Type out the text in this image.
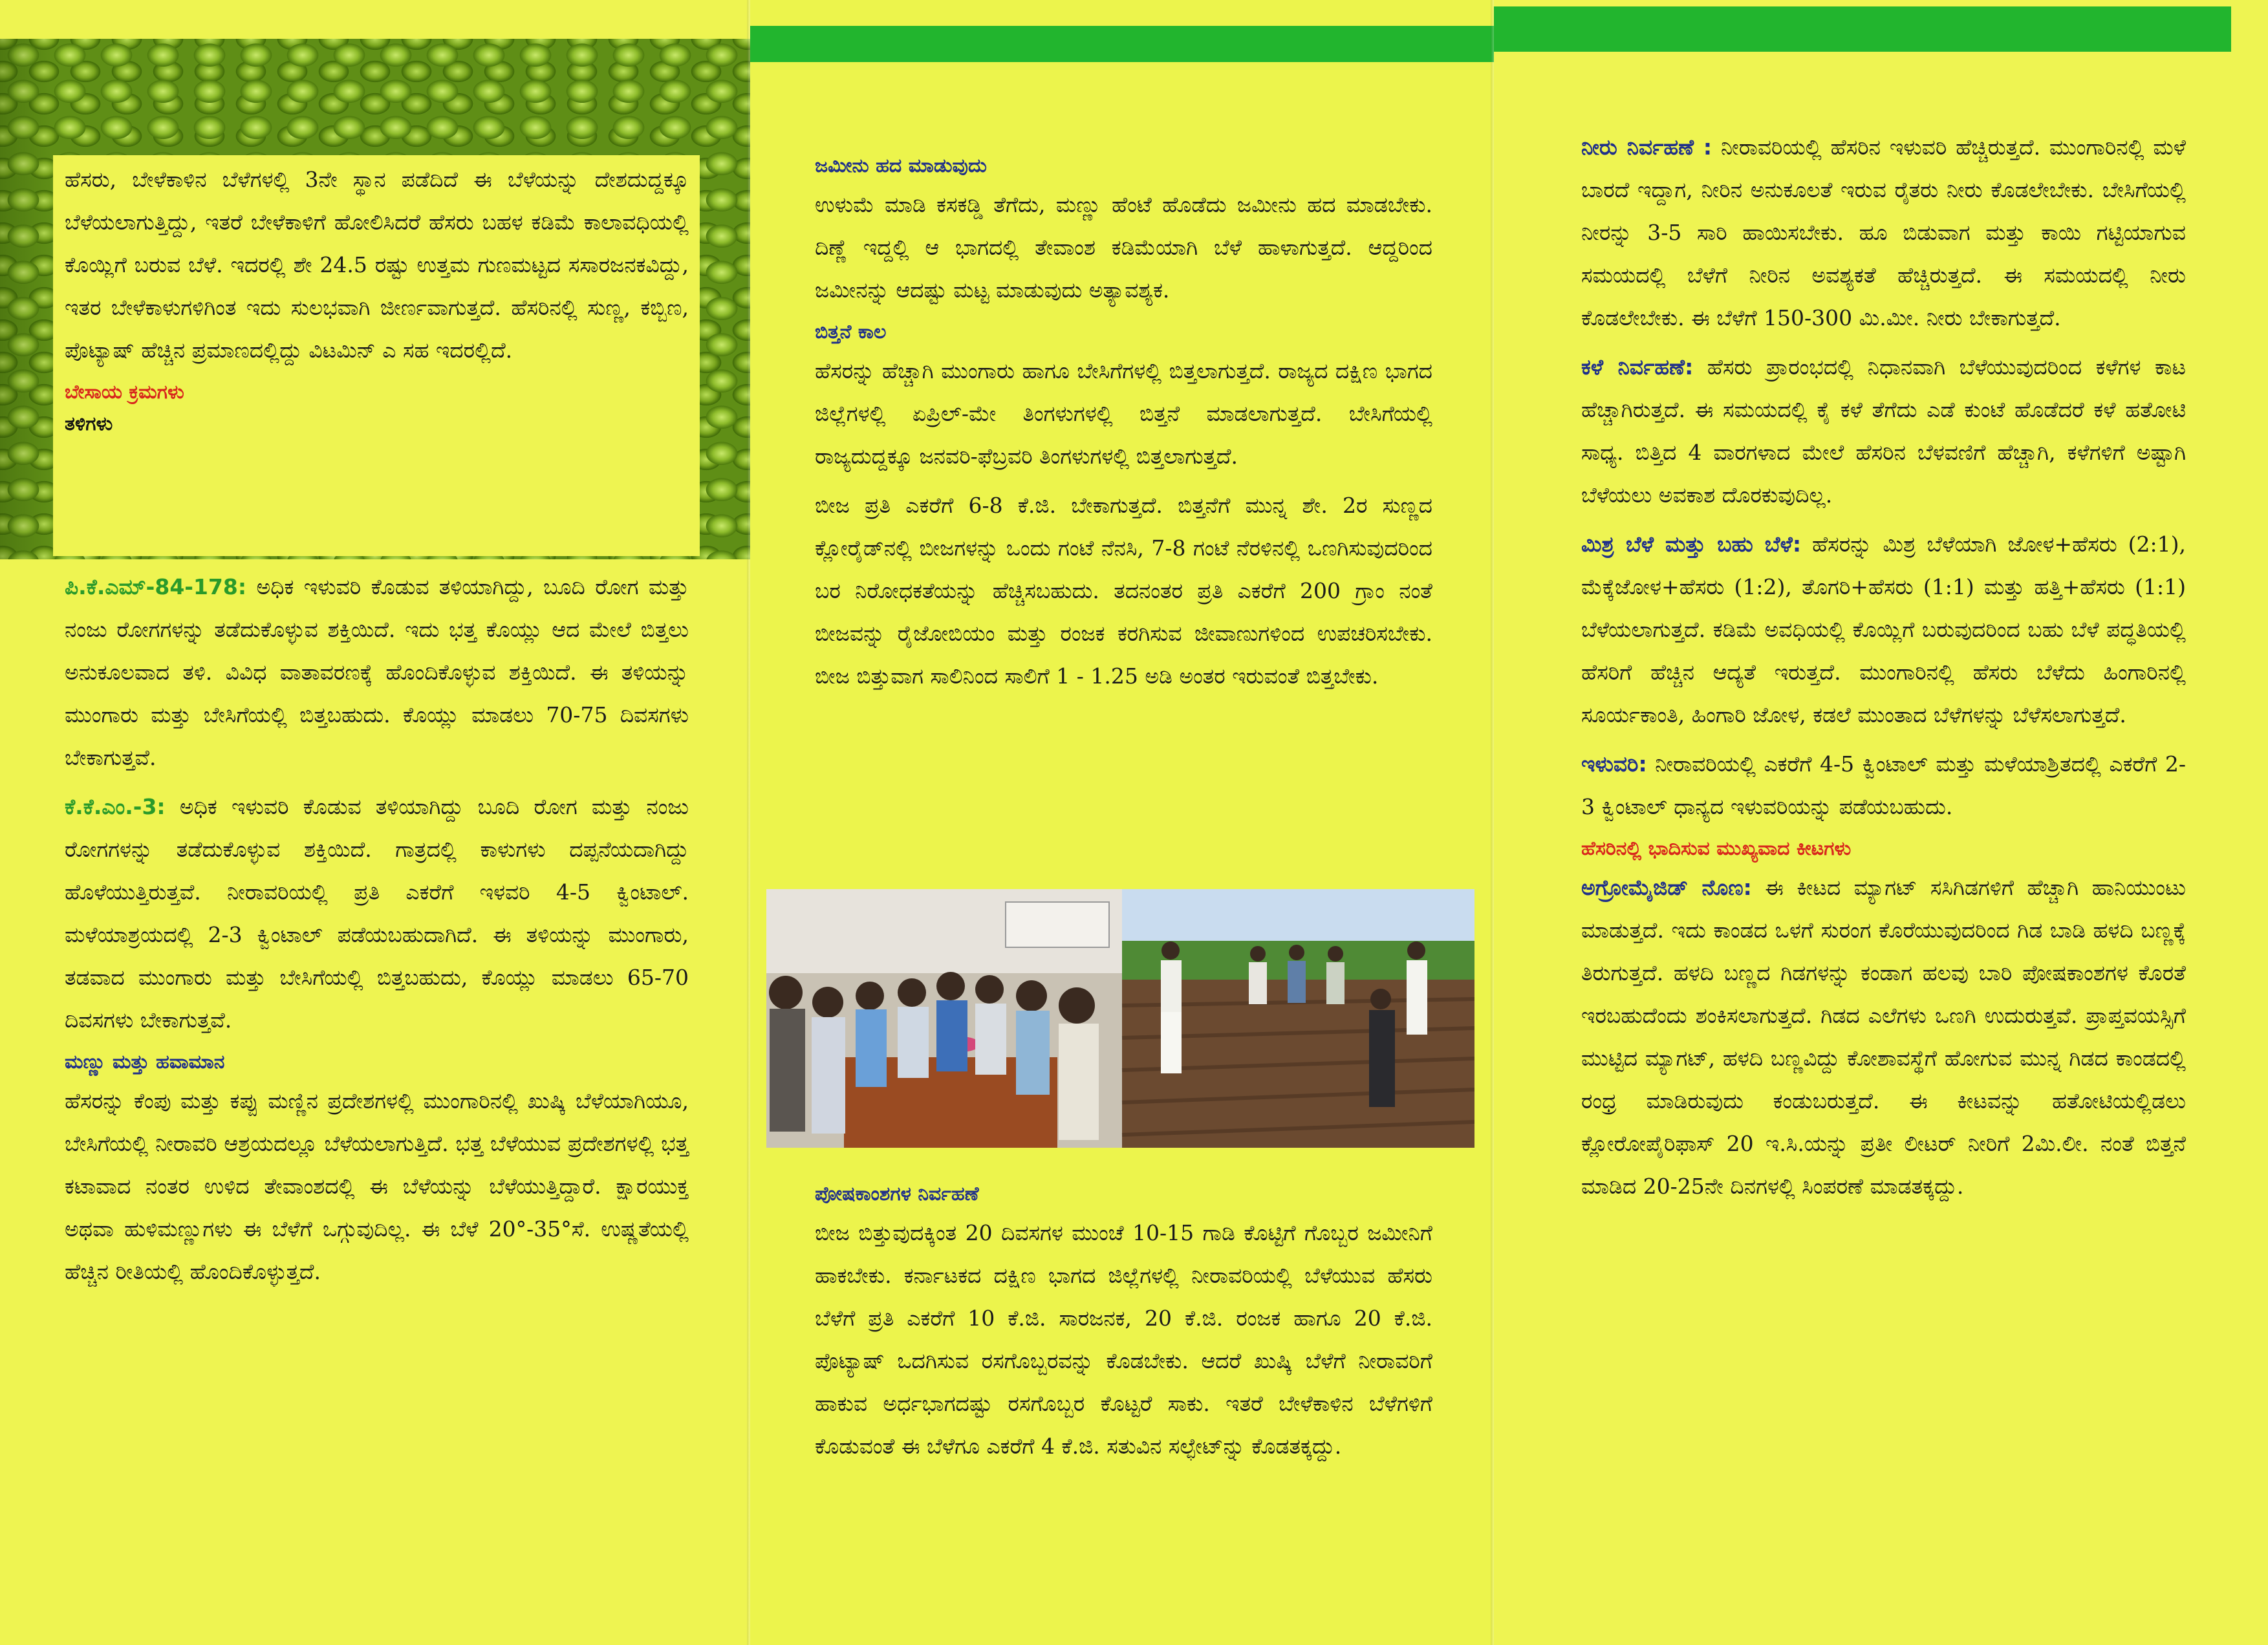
ಹೆಸರು, ಬೇಳೆಕಾಳಿನ ಬೆಳೆಗಳಲ್ಲಿ 3ನೇ ಸ್ಥಾನ ಪಡೆದಿದೆ ಈ ಬೆಳೆಯನ್ನು ದೇಶದುದ್ದಕ್ಕೂ ಬೆಳೆಯಲಾಗುತ್ತಿದ್ದು, ಇತರೆ ಬೇಳೆಕಾಳಿಗೆ ಹೋಲಿಸಿದರೆ ಹೆಸರು ಬಹಳ ಕಡಿಮೆ ಕಾಲಾವಧಿಯಲ್ಲಿ ಕೊಯ್ಲಿಗೆ ಬರುವ ಬೆಳೆ. ಇದರಲ್ಲಿ ಶೇ 24.5 ರಷ್ಟು ಉತ್ತಮ ಗುಣಮಟ್ಟದ ಸಸಾರಜನಕವಿದ್ದು, ಇತರ ಬೇಳೆಕಾಳುಗಳಿಗಿಂತ ಇದು ಸುಲಭವಾಗಿ ಜೀರ್ಣವಾಗುತ್ತದೆ. ಹೆಸರಿನಲ್ಲಿ ಸುಣ್ಣ, ಕಬ್ಬಿಣ, ಪೊಟ್ಯಾಷ್ ಹೆಚ್ಚಿನ ಪ್ರಮಾಣದಲ್ಲಿದ್ದು ವಿಟಮಿನ್ ಎ ಸಹ ಇದರಲ್ಲಿದೆ.

ಬೇಸಾಯ ಕ್ರಮಗಳು
ತಳಿಗಳು

ಪಿ.ಕೆ.ಎಮ್-84-178: ಅಧಿಕ ಇಳುವರಿ ಕೊಡುವ ತಳಿಯಾಗಿದ್ದು, ಬೂದಿ ರೋಗ ಮತ್ತು ನಂಜು ರೋಗಗಳನ್ನು ತಡೆದುಕೊಳ್ಳುವ ಶಕ್ತಿಯಿದೆ. ಇದು ಭತ್ತ ಕೊಯ್ಲು ಆದ ಮೇಲೆ ಬಿತ್ತಲು ಅನುಕೂಲವಾದ ತಳಿ. ವಿವಿಧ ವಾತಾವರಣಕ್ಕೆ ಹೊಂದಿಕೊಳ್ಳುವ ಶಕ್ತಿಯಿದೆ. ಈ ತಳಿಯನ್ನು ಮುಂಗಾರು ಮತ್ತು ಬೇಸಿಗೆಯಲ್ಲಿ ಬಿತ್ತಬಹುದು. ಕೊಯ್ಲು ಮಾಡಲು 70-75 ದಿವಸಗಳು ಬೇಕಾಗುತ್ತವೆ.

ಕೆ.ಕೆ.ಎಂ.-3: ಅಧಿಕ ಇಳುವರಿ ಕೊಡುವ ತಳಿಯಾಗಿದ್ದು ಬೂದಿ ರೋಗ ಮತ್ತು ನಂಜು ರೋಗಗಳನ್ನು ತಡೆದುಕೊಳ್ಳುವ ಶಕ್ತಿಯಿದೆ. ಗಾತ್ರದಲ್ಲಿ ಕಾಳುಗಳು ದಪ್ಪನೆಯದಾಗಿದ್ದು ಹೊಳೆಯುತ್ತಿರುತ್ತವೆ. ನೀರಾವರಿಯಲ್ಲಿ ಪ್ರತಿ ಎಕರೆಗೆ ಇಳವರಿ 4-5 ಕ್ವಿಂಟಾಲ್. ಮಳೆಯಾಶ್ರಯದಲ್ಲಿ 2-3 ಕ್ವಿಂಟಾಲ್ ಪಡೆಯಬಹುದಾಗಿದೆ. ಈ ತಳಿಯನ್ನು ಮುಂಗಾರು, ತಡವಾದ ಮುಂಗಾರು ಮತ್ತು ಬೇಸಿಗೆಯಲ್ಲಿ ಬಿತ್ತಬಹುದು, ಕೊಯ್ಲು ಮಾಡಲು 65-70 ದಿವಸಗಳು ಬೇಕಾಗುತ್ತವೆ.

ಮಣ್ಣು ಮತ್ತು ಹವಾಮಾನ

ಹೆಸರನ್ನು ಕೆಂಪು ಮತ್ತು ಕಪ್ಪು ಮಣ್ಣಿನ ಪ್ರದೇಶಗಳಲ್ಲಿ ಮುಂಗಾರಿನಲ್ಲಿ ಖುಷ್ಕಿ ಬೆಳೆಯಾಗಿಯೂ, ಬೇಸಿಗೆಯಲ್ಲಿ ನೀರಾವರಿ ಆಶ್ರಯದಲ್ಲೂ ಬೆಳೆಯಲಾಗುತ್ತಿದೆ. ಭತ್ತ ಬೆಳೆಯುವ ಪ್ರದೇಶಗಳಲ್ಲಿ ಭತ್ತ ಕಟಾವಾದ ನಂತರ ಉಳಿದ ತೇವಾಂಶದಲ್ಲಿ ಈ ಬೆಳೆಯನ್ನು ಬೆಳೆಯುತ್ತಿದ್ದಾರೆ. ಕ್ಷಾರಯುಕ್ತ ಅಥವಾ ಹುಳಿಮಣ್ಣುಗಳು ಈ ಬೆಳೆಗೆ ಒಗ್ಗುವುದಿಲ್ಲ. ಈ ಬೆಳೆ 20°-35°ಸೆ. ಉಷ್ಣತೆಯಲ್ಲಿ ಹೆಚ್ಚಿನ ರೀತಿಯಲ್ಲಿ ಹೊಂದಿಕೊಳ್ಳುತ್ತದೆ.

ಜಮೀನು ಹದ ಮಾಡುವುದು

ಉಳುಮೆ ಮಾಡಿ ಕಸಕಡ್ಡಿ ತೆಗೆದು, ಮಣ್ಣು ಹೆಂಟೆ ಹೊಡೆದು ಜಮೀನು ಹದ ಮಾಡಬೇಕು. ದಿಣ್ಣೆ ಇದ್ದಲ್ಲಿ ಆ ಭಾಗದಲ್ಲಿ ತೇವಾಂಶ ಕಡಿಮೆಯಾಗಿ ಬೆಳೆ ಹಾಳಾಗುತ್ತದೆ. ಆದ್ದರಿಂದ ಜಮೀನನ್ನು ಆದಷ್ಟು ಮಟ್ಟ ಮಾಡುವುದು ಅತ್ಯಾವಶ್ಯಕ.

ಬಿತ್ತನೆ ಕಾಲ

ಹೆಸರನ್ನು ಹೆಚ್ಚಾಗಿ ಮುಂಗಾರು ಹಾಗೂ ಬೇಸಿಗೆಗಳಲ್ಲಿ ಬಿತ್ತಲಾಗುತ್ತದೆ. ರಾಜ್ಯದ ದಕ್ಷಿಣ ಭಾಗದ ಜಿಲ್ಲೆಗಳಲ್ಲಿ ಏಪ್ರಿಲ್-ಮೇ ತಿಂಗಳುಗಳಲ್ಲಿ ಬಿತ್ತನೆ ಮಾಡಲಾಗುತ್ತದೆ. ಬೇಸಿಗೆಯಲ್ಲಿ ರಾಜ್ಯದುದ್ದಕ್ಕೂ ಜನವರಿ-ಫೆಬ್ರವರಿ ತಿಂಗಳುಗಳಲ್ಲಿ ಬಿತ್ತಲಾಗುತ್ತದೆ.

ಬೀಜ ಪ್ರತಿ ಎಕರೆಗೆ 6-8 ಕೆ.ಜಿ. ಬೇಕಾಗುತ್ತದೆ. ಬಿತ್ತನೆಗೆ ಮುನ್ನ ಶೇ. 2ರ ಸುಣ್ಣದ ಕ್ಲೋರೈಡ್‌ನಲ್ಲಿ ಬೀಜಗಳನ್ನು ಒಂದು ಗಂಟೆ ನೆನಸಿ, 7-8 ಗಂಟೆ ನೆರಳಿನಲ್ಲಿ ಒಣಗಿಸುವುದರಿಂದ ಬರ ನಿರೋಧಕತೆಯನ್ನು ಹೆಚ್ಚಿಸಬಹುದು. ತದನಂತರ ಪ್ರತಿ ಎಕರೆಗೆ 200 ಗ್ರಾಂ ನಂತೆ ಬೀಜವನ್ನು ರೈಜೋಬಿಯಂ ಮತ್ತು ರಂಜಕ ಕರಗಿಸುವ ಜೀವಾಣುಗಳಿಂದ ಉಪಚರಿಸಬೇಕು. ಬೀಜ ಬಿತ್ತುವಾಗ ಸಾಲಿನಿಂದ ಸಾಲಿಗೆ 1 - 1.25 ಅಡಿ ಅಂತರ ಇರುವಂತೆ ಬಿತ್ತಬೇಕು.

ಪೋಷಕಾಂಶಗಳ ನಿರ್ವಹಣೆ

ಬೀಜ ಬಿತ್ತುವುದಕ್ಕಿಂತ 20 ದಿವಸಗಳ ಮುಂಚೆ 10-15 ಗಾಡಿ ಕೊಟ್ಟಿಗೆ ಗೊಬ್ಬರ ಜಮೀನಿಗೆ ಹಾಕಬೇಕು. ಕರ್ನಾಟಕದ ದಕ್ಷಿಣ ಭಾಗದ ಜಿಲ್ಲೆಗಳಲ್ಲಿ ನೀರಾವರಿಯಲ್ಲಿ ಬೆಳೆಯುವ ಹೆಸರು ಬೆಳೆಗೆ ಪ್ರತಿ ಎಕರೆಗೆ 10 ಕೆ.ಜಿ. ಸಾರಜನಕ, 20 ಕೆ.ಜಿ. ರಂಜಕ ಹಾಗೂ 20 ಕೆ.ಜಿ. ಪೊಟ್ಯಾಷ್ ಒದಗಿಸುವ ರಸಗೊಬ್ಬರವನ್ನು ಕೊಡಬೇಕು. ಆದರೆ ಖುಷ್ಕಿ ಬೆಳೆಗೆ ನೀರಾವರಿಗೆ ಹಾಕುವ ಅರ್ಧಭಾಗದಷ್ಟು ರಸಗೊಬ್ಬರ ಕೊಟ್ಟರೆ ಸಾಕು. ಇತರೆ ಬೇಳೆಕಾಳಿನ ಬೆಳೆಗಳಿಗೆ ಕೊಡುವಂತೆ ಈ ಬೆಳೆಗೂ ಎಕರೆಗೆ 4 ಕೆ.ಜಿ. ಸತುವಿನ ಸಲ್ಫೇಟ್‌ನ್ನು ಕೊಡತಕ್ಕದ್ದು.

ನೀರು ನಿರ್ವಹಣೆ : ನೀರಾವರಿಯಲ್ಲಿ ಹೆಸರಿನ ಇಳುವರಿ ಹೆಚ್ಚಿರುತ್ತದೆ. ಮುಂಗಾರಿನಲ್ಲಿ ಮಳೆ ಬಾರದೆ ಇದ್ದಾಗ, ನೀರಿನ ಅನುಕೂಲತೆ ಇರುವ ರೈತರು ನೀರು ಕೊಡಲೇಬೇಕು. ಬೇಸಿಗೆಯಲ್ಲಿ ನೀರನ್ನು 3-5 ಸಾರಿ ಹಾಯಿಸಬೇಕು. ಹೂ ಬಿಡುವಾಗ ಮತ್ತು ಕಾಯಿ ಗಟ್ಟಿಯಾಗುವ ಸಮಯದಲ್ಲಿ ಬೆಳೆಗೆ ನೀರಿನ ಅವಶ್ಯಕತೆ ಹೆಚ್ಚಿರುತ್ತದೆ. ಈ ಸಮಯದಲ್ಲಿ ನೀರು ಕೊಡಲೇಬೇಕು. ಈ ಬೆಳೆಗೆ 150-300 ಮಿ.ಮೀ. ನೀರು ಬೇಕಾಗುತ್ತದೆ.

ಕಳೆ ನಿರ್ವಹಣೆ: ಹೆಸರು ಪ್ರಾರಂಭದಲ್ಲಿ ನಿಧಾನವಾಗಿ ಬೆಳೆಯುವುದರಿಂದ ಕಳೆಗಳ ಕಾಟ ಹೆಚ್ಚಾಗಿರುತ್ತದೆ. ಈ ಸಮಯದಲ್ಲಿ ಕೈ ಕಳೆ ತೆಗೆದು ಎಡೆ ಕುಂಟೆ ಹೊಡೆದರೆ ಕಳೆ ಹತೋಟಿ ಸಾಧ್ಯ. ಬಿತ್ತಿದ 4 ವಾರಗಳಾದ ಮೇಲೆ ಹೆಸರಿನ ಬೆಳವಣಿಗೆ ಹೆಚ್ಚಾಗಿ, ಕಳೆಗಳಿಗೆ ಅಷ್ಟಾಗಿ ಬೆಳೆಯಲು ಅವಕಾಶ ದೊರಕುವುದಿಲ್ಲ.

ಮಿಶ್ರ ಬೆಳೆ ಮತ್ತು ಬಹು ಬೆಳೆ: ಹೆಸರನ್ನು ಮಿಶ್ರ ಬೆಳೆಯಾಗಿ ಜೋಳ+ಹೆಸರು (2:1), ಮೆಕ್ಕೆಜೋಳ+ಹೆಸರು (1:2), ತೊಗರಿ+ಹೆಸರು (1:1) ಮತ್ತು ಹತ್ತಿ+ಹೆಸರು (1:1) ಬೆಳೆಯಲಾಗುತ್ತದೆ. ಕಡಿಮೆ ಅವಧಿಯಲ್ಲಿ ಕೊಯ್ಲಿಗೆ ಬರುವುದರಿಂದ ಬಹು ಬೆಳೆ ಪದ್ಧತಿಯಲ್ಲಿ ಹೆಸರಿಗೆ ಹೆಚ್ಚಿನ ಆದ್ಯತೆ ಇರುತ್ತದೆ. ಮುಂಗಾರಿನಲ್ಲಿ ಹೆಸರು ಬೆಳೆದು ಹಿಂಗಾರಿನಲ್ಲಿ ಸೂರ್ಯಕಾಂತಿ, ಹಿಂಗಾರಿ ಜೋಳ, ಕಡಲೆ ಮುಂತಾದ ಬೆಳೆಗಳನ್ನು ಬೆಳೆಸಲಾಗುತ್ತದೆ.

ಇಳುವರಿ: ನೀರಾವರಿಯಲ್ಲಿ ಎಕರೆಗೆ 4-5 ಕ್ವಿಂಟಾಲ್ ಮತ್ತು ಮಳೆಯಾಶ್ರಿತದಲ್ಲಿ ಎಕರೆಗೆ 2-3 ಕ್ವಿಂಟಾಲ್ ಧಾನ್ಯದ ಇಳುವರಿಯನ್ನು ಪಡೆಯಬಹುದು.

ಹೆಸರಿನಲ್ಲಿ ಭಾದಿಸುವ ಮುಖ್ಯವಾದ ಕೀಟಗಳು

ಅಗ್ರೋಮೈಜಿಡ್ ನೊಣ: ಈ ಕೀಟದ ಮ್ಯಾಗಟ್ ಸಸಿಗಿಡಗಳಿಗೆ ಹೆಚ್ಚಾಗಿ ಹಾನಿಯುಂಟು ಮಾಡುತ್ತದೆ. ಇದು ಕಾಂಡದ ಒಳಗೆ ಸುರಂಗ ಕೊರೆಯುವುದರಿಂದ ಗಿಡ ಬಾಡಿ ಹಳದಿ ಬಣ್ಣಕ್ಕೆ ತಿರುಗುತ್ತದೆ. ಹಳದಿ ಬಣ್ಣದ ಗಿಡಗಳನ್ನು ಕಂಡಾಗ ಹಲವು ಬಾರಿ ಪೋಷಕಾಂಶಗಳ ಕೊರತೆ ಇರಬಹುದೆಂದು ಶಂಕಿಸಲಾಗುತ್ತದೆ. ಗಿಡದ ಎಲೆಗಳು ಒಣಗಿ ಉದುರುತ್ತವೆ. ಪ್ರಾಪ್ತವಯಸ್ಸಿಗೆ ಮುಟ್ಟಿದ ಮ್ಯಾಗಟ್, ಹಳದಿ ಬಣ್ಣವಿದ್ದು ಕೋಶಾವಸ್ಥೆಗೆ ಹೋಗುವ ಮುನ್ನ ಗಿಡದ ಕಾಂಡದಲ್ಲಿ ರಂಧ್ರ ಮಾಡಿರುವುದು ಕಂಡುಬರುತ್ತದೆ. ಈ ಕೀಟವನ್ನು ಹತೋಟಿಯಲ್ಲಿಡಲು ಕ್ಲೋರೋಪೈರಿಫಾಸ್ 20 ಇ.ಸಿ.ಯನ್ನು ಪ್ರತೀ ಲೀಟರ್ ನೀರಿಗೆ 2ಮಿ.ಲೀ. ನಂತೆ ಬಿತ್ತನೆ ಮಾಡಿದ 20-25ನೇ ದಿನಗಳಲ್ಲಿ ಸಿಂಪರಣೆ ಮಾಡತಕ್ಕದ್ದು.
